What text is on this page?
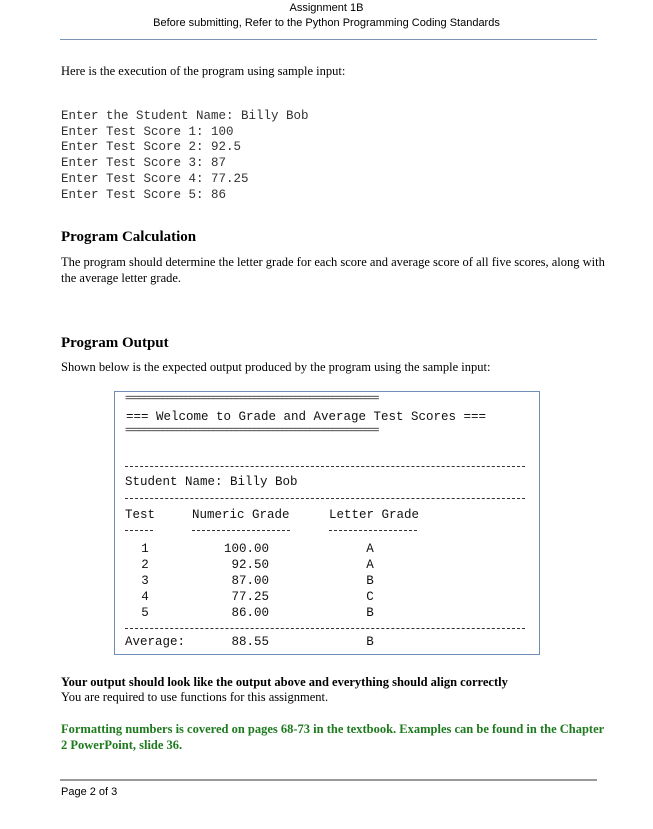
Assignment 1B
Before submitting, Refer to the Python Programming Coding Standards
Here is the execution of the program using sample input:

Enter the Student Name: Billy Bob
Enter Test Score 1: 100
Enter Test Score 2: 92.5
Enter Test Score 3: 87
Enter Test Score 4: 77.25
Enter Test Score 5: 86

Program Calculation
The program should determine the letter grade for each score and average score of all five scores, along with the average letter grade.
Program Output
Shown below is the expected output produced by the program using the sample input:
=======================================================
=== Welcome to Grade and Average Test Scores ===
=======================================================
Student Name: Billy Bob
Test	Numeric Grade	Letter Grade
1	100.00	A
2	92.50	A
3	87.00	B
4	77.25	C
5	86.00	B
Average:	88.55	B
Your output should look like the output above and everything should align correctly
You are required to use functions for this assignment.
Formatting numbers is covered on pages 68-73 in the textbook. Examples can be found in the Chapter 2 PowerPoint, slide 36.
Page 2 of 3
